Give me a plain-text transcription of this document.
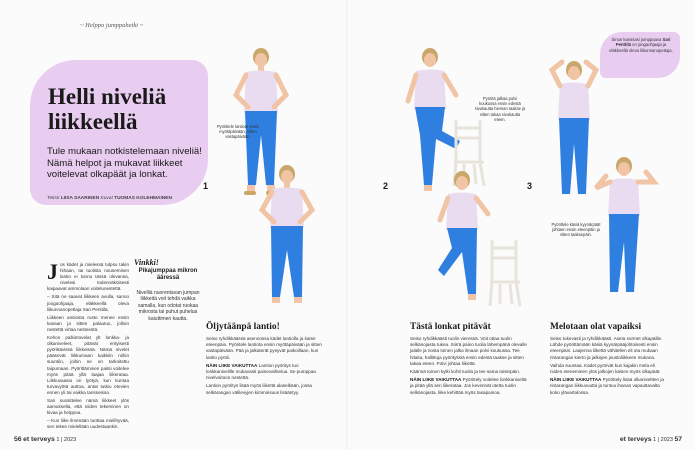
~ Helppo jumppahetki ~
Helli niveliä
liikkeellä
Tule mukaan notkistelemaan niveliä! Nämä helpot ja mukavat liikkeet voitelevat olkapäät ja lonkat.
Teksti LIISA SAARINEN Kuvat TUOMAS KOLEHMAINEN
J os kädet ja mielessä tulpsu takin hihaan, tai tuolista nousemisen lantio ei tunnu tässä olevansa, nivelesi todennäköisesti kaipaavat ammolaan voitelunestettä.

– Sitä ne saavat liikkeen avulla, sanoo joogaohjaaja, eläkkeellä oleva liikunnanopettaja Sari Penttilä.

Liikkeen ansiosta rusto menee ensin kasaan ja sitten palautuu, jolloin nestettä virtaa nesteestä.

Kehon palkintovelat ylt lonkka- ja olkaniveleet, pitävät erityisesti pyörittävissä liikkeissä. Nämä nivelet pääsevät liikkumaan kaikkiin niihin suuntiin, joihin ne on tarkoitettu taipumaan. Pyörittäminen paitsi voitelee myös pitää yllä laajaa liikerataa. Liikkuvaasia on lyötyä, kun kuntaa turvavyötä auttoa, antat tutkiu etevien ennen yli tai vaikka tansseissa.

Sari suosittelee nämä liikkeet ylös aamuksella, että niiden tekeminen on kivaa ja helppoa.

– Kun liike ilmenään tuottaa mielihyvää, sen tekee mielellään uudestaankin.

Vinkki!
Pikajumppaa mikron ääressä
Nivelliä nuorentavan jumpan liikkeitä voit tehdä vaikka samalla, kun odotat ruokaa mikrosta tai puhut puhelua kaiuttimen kautta.
1	2	3
Pyörittele lantiota ensin myötäpäivään, sitten vastapäivään.
Pyöritä jalkaa polvi koukussa ensin edestä sivukautta hieman taakse ja sitten takaa sivukautta eteen.
Pyörittele käsiä kyynärpäät johtaen ensin eteenpäin ja sitten taaksepäin.
Sinun kanssasi jumppaava Sari Penttilä on joogaohjaaja ja eläkkeellä oleva liikunnanopettaja.
Öljytäänpä lantio!

Seiso ryhdikkäässä asennossa kädet lantiolla ja katse eteenpäin. Pyöritele lantiota ensin myötäpäivään ja sitten vastapäivään. Pää ja jalkaterät pysyvät paikoillaan, kun lantio pyörii.

NÄIN LIIKE VAIKUTTAA Lantion pyöritys tuo lonkkanivelille mukavasti painevaihtelua. Se pumppaa nivelvoitoon nestettä.

Lantion pyöritys lisää myös liikettä alaselkään, jossa selkärangan välilevyjen kimmoisuus lisääntyy.

Tästä lonkat pitävät

Seiso ryhdikkäästi tuolin vieressä. Voit ottaa tuolin selkänojasta tukea. Siirrä paino tuolia lähempänä olevalle jalalle ja nosta toinen jalka ilmaan polvi koukussa. Tee hitaita, hallittuja pyörityksiä ensin edestä taakse ja sitten takaa eteen. Polvi johtaa liikettä.

Käännä toinen kylki kohti tuolia ja tee sama toisinpäin.

NÄIN LIIKE VAIKUTTAA Pyörittely voitelee lonkkaniveltä ja pitää yllä sen liikerataa. Jos kevennät otetta tuolin selkänojasta, liike kehittää myös tasapainoa.

Melotaan olat vapaiksi

Seiso tukevasti ja ryhdikkäästi. Aseta sormet olkapäille. Lähde pyörittämään käsiä kyynärpääjohtoisesti ensin eteenpäin. Laajenna liikettä vähitellen eli ota mukaan rintarangan kierto ja jalkojen joustoliikkeen mukana.

Vaihda suuntaa. Kädet pyörivät kun kajakin mela eli niiden eteneminen ylös jalkojen käsien myös olkapäät.

NÄIN LIIKE VAIKUTTAA Pyörittely lisää olkaniveltten ja rintarangan liikkuvuutta ja tuntuu ihanan vapauttavalta koko ylävartalossa.

56 et terveys 1 | 2023	et terveys 1 | 2023 57
